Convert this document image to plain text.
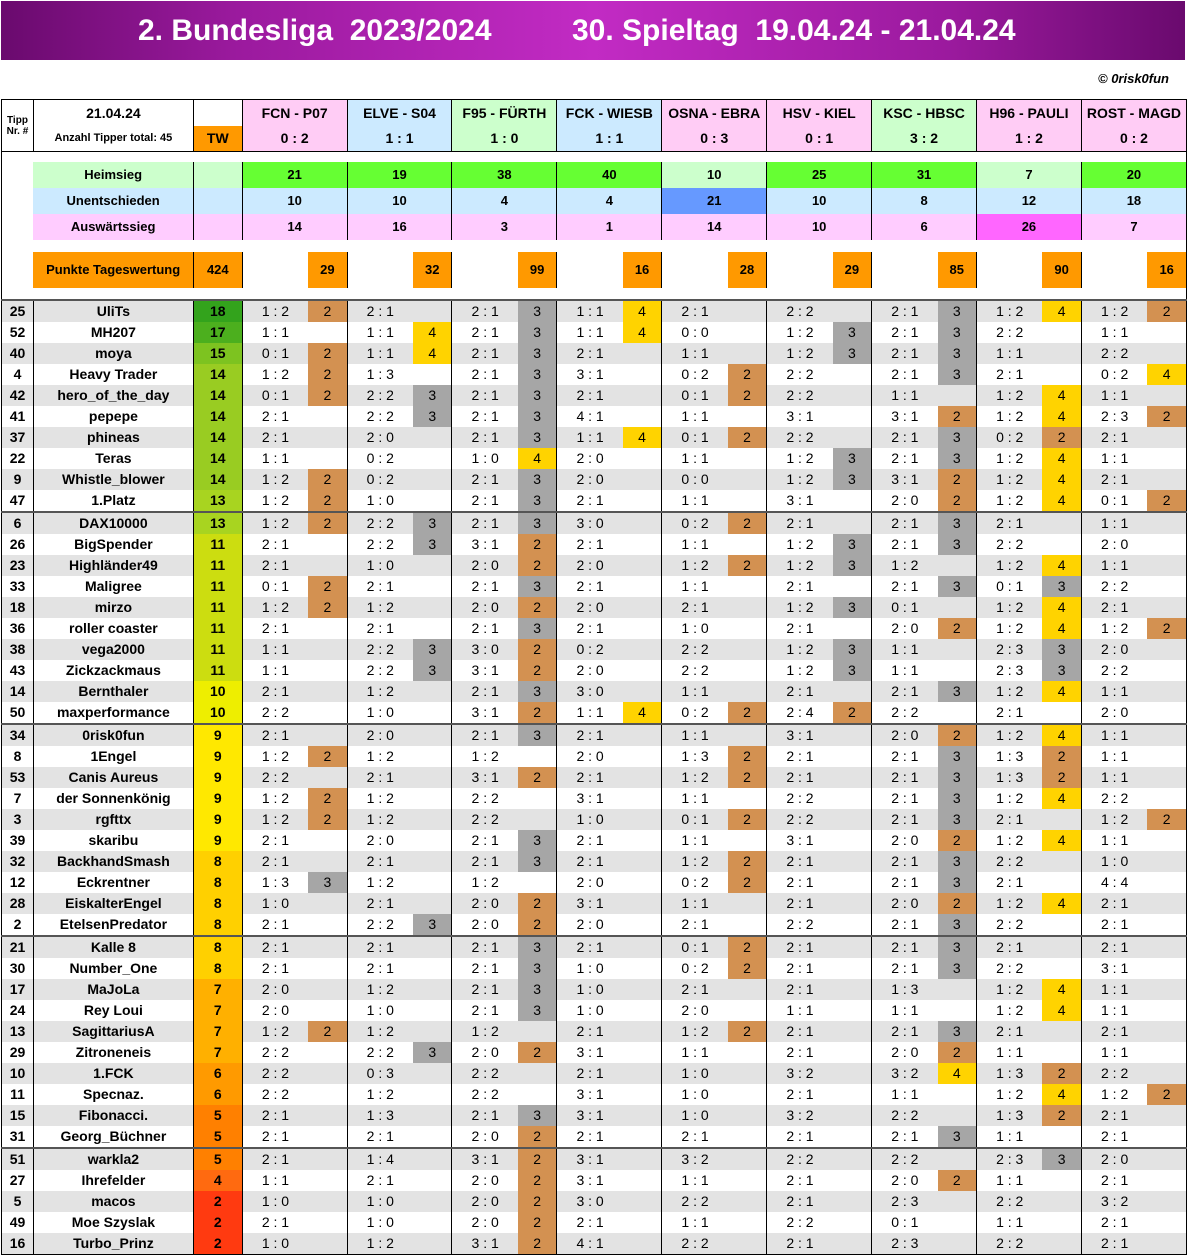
2. Bundesliga  2023/2024	30. Spieltag  19.04.24 - 21.04.24
© 0risk0fun
Tipp	21.04.24		FCN - P07		ELVE - S04		F95 - FÜRTH		FCK - WIESB		OSNA - EBRA		HSV - KIEL		KSC - HBSC		H96 - PAULI		ROST - MAGD	
Nr. #	Anzahl Tipper total: 45	TW	0 : 2		1 : 1		1 : 0		1 : 1		0 : 3		0 : 1		3 : 2		1 : 2		0 : 2	

	Heimsieg		21		19		38		40		10		25		31		7		20	
	Unentschieden		10		10		4		4		21		10		8		12		18	
	Auswärtssieg		14		16		3		1		14		10		6		26		7	

	Punkte Tageswertung	424		29		32		99		16		28		29		85		90		16

25	UliTs	18	1 : 2	2	2 : 1		2 : 1	3	1 : 1	4	2 : 1		2 : 2		2 : 1	3	1 : 2	4	1 : 2	2
52	MH207	17	1 : 1		1 : 1	4	2 : 1	3	1 : 1	4	0 : 0		1 : 2	3	2 : 1	3	2 : 2		1 : 1	
40	moya	15	0 : 1	2	1 : 1	4	2 : 1	3	2 : 1		1 : 1		1 : 2	3	2 : 1	3	1 : 1		2 : 2	
4	Heavy Trader	14	1 : 2	2	1 : 3		2 : 1	3	3 : 1		0 : 2	2	2 : 2		2 : 1	3	2 : 1		0 : 2	4
42	hero_of_the_day	14	0 : 1	2	2 : 2	3	2 : 1	3	2 : 1		0 : 1	2	2 : 2		1 : 1		1 : 2	4	1 : 1	
41	pepepe	14	2 : 1		2 : 2	3	2 : 1	3	4 : 1		1 : 1		3 : 1		3 : 1	2	1 : 2	4	2 : 3	2
37	phineas	14	2 : 1		2 : 0		2 : 1	3	1 : 1	4	0 : 1	2	2 : 2		2 : 1	3	0 : 2	2	2 : 1	
22	Teras	14	1 : 1		0 : 2		1 : 0	4	2 : 0		1 : 1		1 : 2	3	2 : 1	3	1 : 2	4	1 : 1	
9	Whistle_blower	14	1 : 2	2	0 : 2		2 : 1	3	2 : 0		0 : 0		1 : 2	3	3 : 1	2	1 : 2	4	2 : 1	
47	1.Platz	13	1 : 2	2	1 : 0		2 : 1	3	2 : 1		1 : 1		3 : 1		2 : 0	2	1 : 2	4	0 : 1	2
6	DAX10000	13	1 : 2	2	2 : 2	3	2 : 1	3	3 : 0		0 : 2	2	2 : 1		2 : 1	3	2 : 1		1 : 1	
26	BigSpender	11	2 : 1		2 : 2	3	3 : 1	2	2 : 1		1 : 1		1 : 2	3	2 : 1	3	2 : 2		2 : 0	
23	Highländer49	11	2 : 1		1 : 0		2 : 0	2	2 : 0		1 : 2	2	1 : 2	3	1 : 2		1 : 2	4	1 : 1	
33	Maligree	11	0 : 1	2	2 : 1		2 : 1	3	2 : 1		1 : 1		2 : 1		2 : 1	3	0 : 1	3	2 : 2	
18	mirzo	11	1 : 2	2	1 : 2		2 : 0	2	2 : 0		2 : 1		1 : 2	3	0 : 1		1 : 2	4	2 : 1	
36	roller coaster	11	2 : 1		2 : 1		2 : 1	3	2 : 1		1 : 0		2 : 1		2 : 0	2	1 : 2	4	1 : 2	2
38	vega2000	11	1 : 1		2 : 2	3	3 : 0	2	0 : 2		2 : 2		1 : 2	3	1 : 1		2 : 3	3	2 : 0	
43	Zickzackmaus	11	1 : 1		2 : 2	3	3 : 1	2	2 : 0		2 : 2		1 : 2	3	1 : 1		2 : 3	3	2 : 2	
14	Bernthaler	10	2 : 1		1 : 2		2 : 1	3	3 : 0		1 : 1		2 : 1		2 : 1	3	1 : 2	4	1 : 1	
50	maxperformance	10	2 : 2		1 : 0		3 : 1	2	1 : 1	4	0 : 2	2	2 : 4	2	2 : 2		2 : 1		2 : 0	
34	0risk0fun	9	2 : 1		2 : 0		2 : 1	3	2 : 1		1 : 1		3 : 1		2 : 0	2	1 : 2	4	1 : 1	
8	1Engel	9	1 : 2	2	1 : 2		1 : 2		2 : 0		1 : 3	2	2 : 1		2 : 1	3	1 : 3	2	1 : 1	
53	Canis Aureus	9	2 : 2		2 : 1		3 : 1	2	2 : 1		1 : 2	2	2 : 1		2 : 1	3	1 : 3	2	1 : 1	
7	der Sonnenkönig	9	1 : 2	2	1 : 2		2 : 2		3 : 1		1 : 1		2 : 2		2 : 1	3	1 : 2	4	2 : 2	
3	rgfttx	9	1 : 2	2	1 : 2		2 : 2		1 : 0		0 : 1	2	2 : 2		2 : 1	3	2 : 1		1 : 2	2
39	skaribu	9	2 : 1		2 : 0		2 : 1	3	2 : 1		1 : 1		3 : 1		2 : 0	2	1 : 2	4	1 : 1	
32	BackhandSmash	8	2 : 1		2 : 1		2 : 1	3	2 : 1		1 : 2	2	2 : 1		2 : 1	3	2 : 2		1 : 0	
12	Eckrentner	8	1 : 3	3	1 : 2		1 : 2		2 : 0		0 : 2	2	2 : 1		2 : 1	3	2 : 1		4 : 4	
28	EiskalterEngel	8	1 : 0		2 : 1		2 : 0	2	3 : 1		1 : 1		2 : 1		2 : 0	2	1 : 2	4	2 : 1	
2	EtelsenPredator	8	2 : 1		2 : 2	3	2 : 0	2	2 : 0		2 : 1		2 : 2		2 : 1	3	2 : 2		2 : 1	
21	Kalle 8	8	2 : 1		2 : 1		2 : 1	3	2 : 1		0 : 1	2	2 : 1		2 : 1	3	2 : 1		2 : 1	
30	Number_One	8	2 : 1		2 : 1		2 : 1	3	1 : 0		0 : 2	2	2 : 1		2 : 1	3	2 : 2		3 : 1	
17	MaJoLa	7	2 : 0		1 : 2		2 : 1	3	1 : 0		2 : 1		2 : 1		1 : 3		1 : 2	4	1 : 1	
24	Rey Loui	7	2 : 0		1 : 0		2 : 1	3	1 : 0		2 : 0		1 : 1		1 : 1		1 : 2	4	1 : 1	
13	SagittariusA	7	1 : 2	2	1 : 2		1 : 2		2 : 1		1 : 2	2	2 : 1		2 : 1	3	2 : 1		2 : 1	
29	Zitroneneis	7	2 : 2		2 : 2	3	2 : 0	2	3 : 1		1 : 1		2 : 1		2 : 0	2	1 : 1		1 : 1	
10	1.FCK	6	2 : 2		0 : 3		2 : 2		2 : 1		1 : 0		3 : 2		3 : 2	4	1 : 3	2	2 : 2	
11	Specnaz.	6	2 : 2		1 : 2		2 : 2		3 : 1		1 : 0		2 : 1		1 : 1		1 : 2	4	1 : 2	2
15	Fibonacci.	5	2 : 1		1 : 3		2 : 1	3	3 : 1		1 : 0		3 : 2		2 : 2		1 : 3	2	2 : 1	
31	Georg_Büchner	5	2 : 1		2 : 1		2 : 0	2	2 : 1		2 : 1		2 : 1		2 : 1	3	1 : 1		2 : 1	
51	warkla2	5	2 : 1		1 : 4		3 : 1	2	3 : 1		3 : 2		2 : 2		2 : 2		2 : 3	3	2 : 0	
27	Ihrefelder	4	1 : 1		2 : 1		2 : 0	2	3 : 1		1 : 1		2 : 1		2 : 0	2	1 : 1		2 : 1	
5	macos	2	1 : 0		1 : 0		2 : 0	2	3 : 0		2 : 2		2 : 1		2 : 3		2 : 2		3 : 2	
49	Moe Szyslak	2	2 : 1		1 : 0		2 : 0	2	2 : 1		1 : 1		2 : 2		0 : 1		1 : 1		2 : 1	
16	Turbo_Prinz	2	1 : 0		1 : 2		3 : 1	2	4 : 1		2 : 2		2 : 1		2 : 3		2 : 2		2 : 1	
